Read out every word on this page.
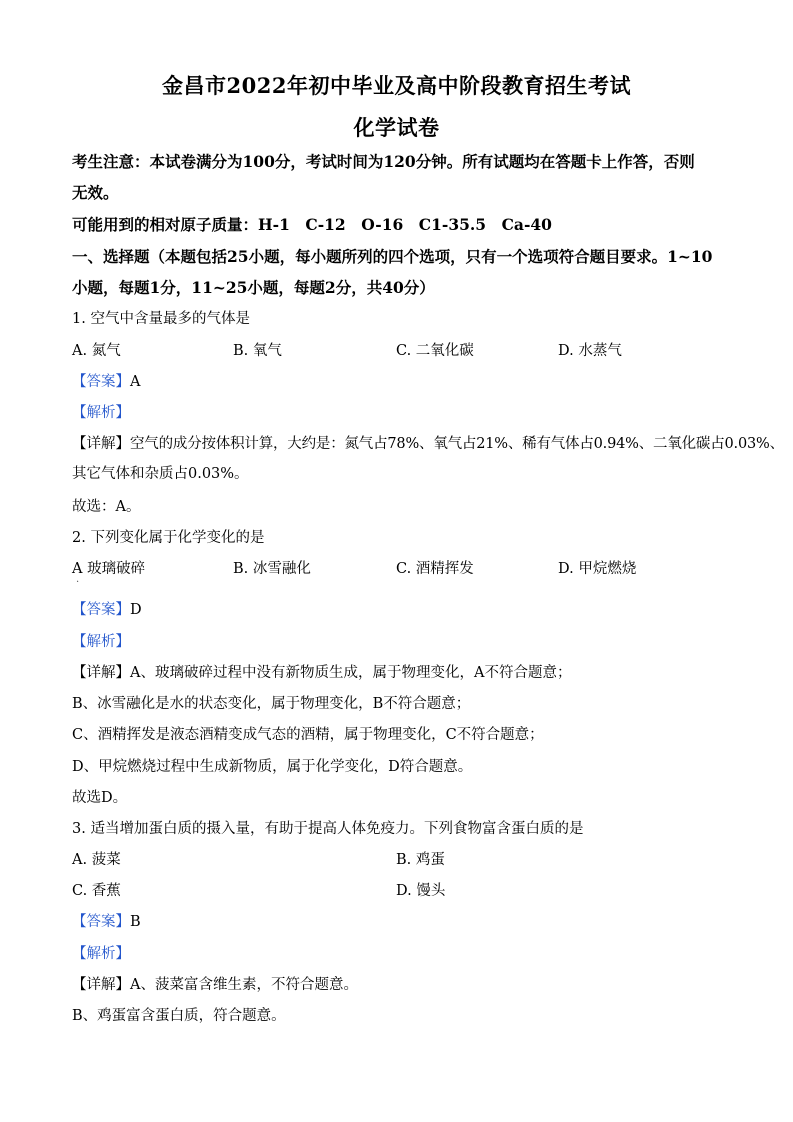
金昌市2022年初中毕业及高中阶段教育招生考试
化学试卷
考生注意：本试卷满分为100分，考试时间为120分钟。所有试题均在答题卡上作答，否则
无效。
可能用到的相对原子质量：H-1　C-12　O-16　C1-35.5　Ca-40
一、选择题（本题包括25小题，每小题所列的四个选项，只有一个选项符合题目要求。1~10
小题，每题1分，11~25小题，每题2分，共40分）
1. 空气中含量最多的气体是
A. 氮气	B. 氧气	C. 二氧化碳	D. 水蒸气
【答案】A
【解析】
【详解】空气的成分按体积计算，大约是：氮气占78%、氧气占21%、稀有气体占0.94%、二氧化碳占0.03%、
其它气体和杂质占0.03%。
故选：A。
2. 下列变化属于化学变化的是
A 玻璃破碎
.
B. 冰雪融化	C. 酒精挥发	D. 甲烷燃烧
【答案】D
【解析】
【详解】A、玻璃破碎过程中没有新物质生成，属于物理变化，A不符合题意；
B、冰雪融化是水的状态变化，属于物理变化，B不符合题意；
C、酒精挥发是液态酒精变成气态的酒精，属于物理变化，C不符合题意；
D、甲烷燃烧过程中生成新物质，属于化学变化，D符合题意。
故选D。
3. 适当增加蛋白质的摄入量，有助于提高人体免疫力。下列食物富含蛋白质的是
A. 菠菜	B. 鸡蛋
C. 香蕉	D. 馒头
【答案】B
【解析】
【详解】A、菠菜富含维生素，不符合题意。
B、鸡蛋富含蛋白质，符合题意。
